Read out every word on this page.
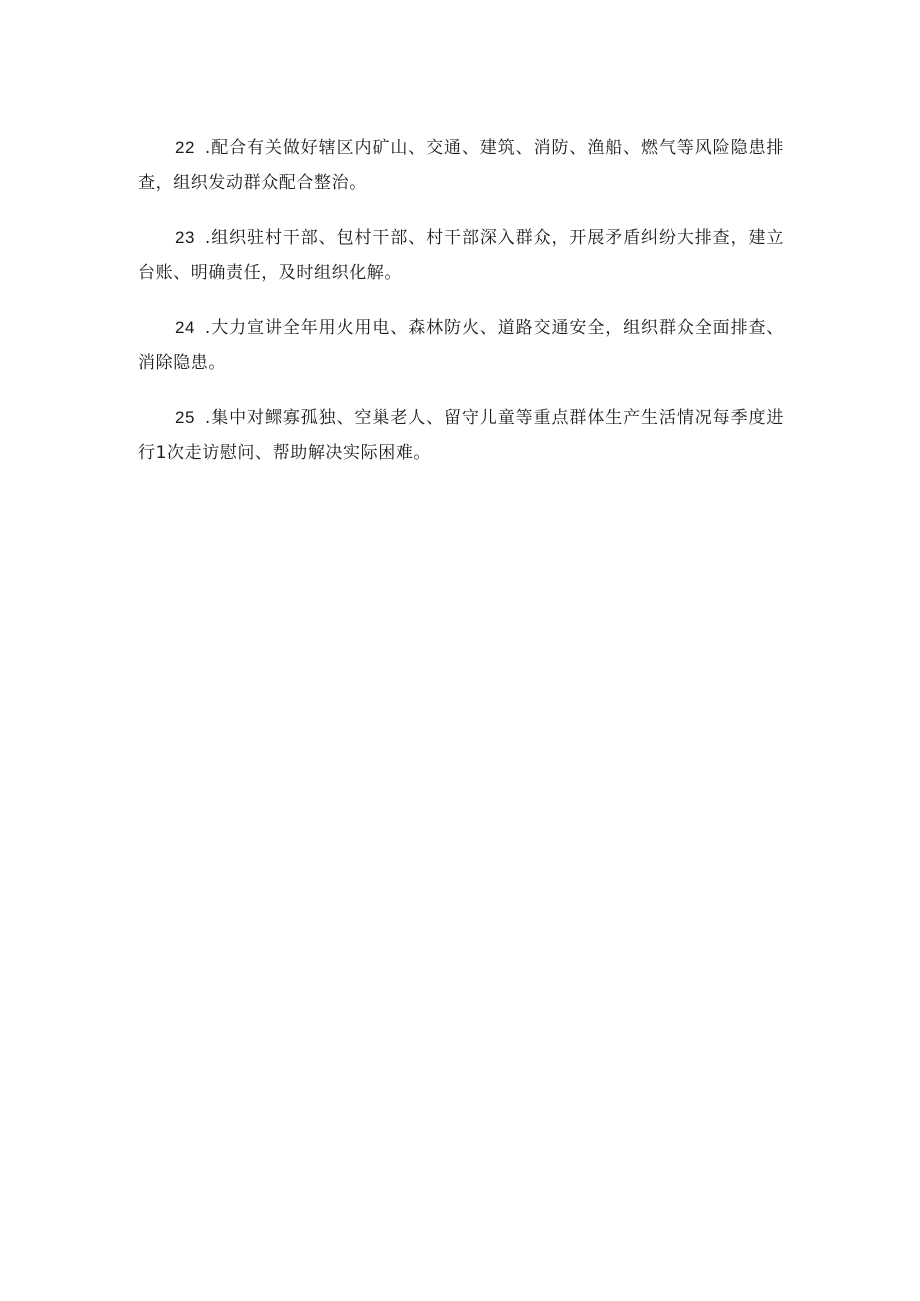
22 .配合有关做好辖区内矿山、交通、建筑、消防、渔船、燃气等风险隐患排查，组织发动群众配合整治。

23 .组织驻村干部、包村干部、村干部深入群众，开展矛盾纠纷大排查，建立台账、明确责任，及时组织化解。

24 .大力宣讲全年用火用电、森林防火、道路交通安全，组织群众全面排查、消除隐患。

25 .集中对鳏寡孤独、空巢老人、留守儿童等重点群体生产生活情况每季度进行1次走访慰问、帮助解决实际困难。
